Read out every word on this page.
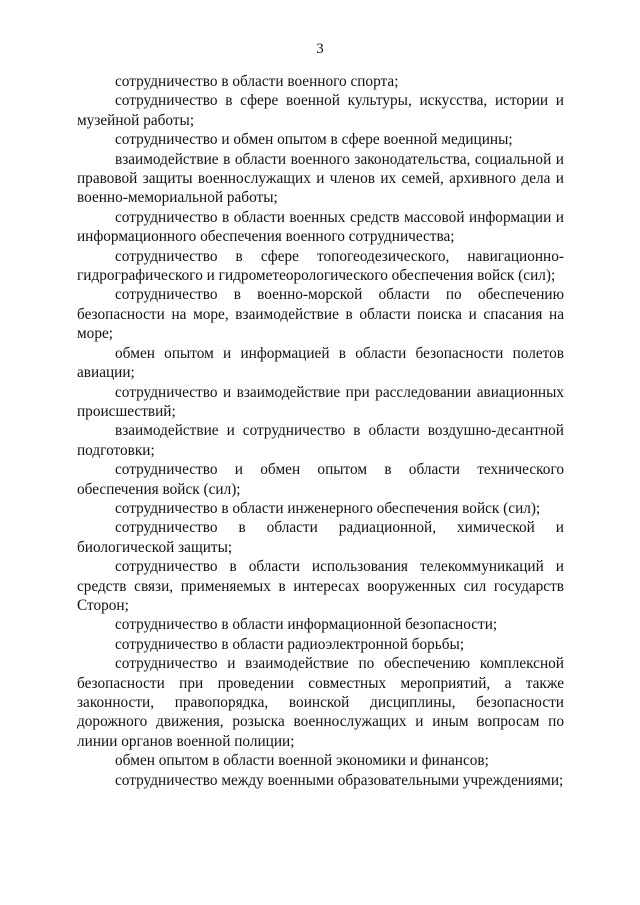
3

сотрудничество в области военного спорта;

сотрудничество в сфере военной культуры, искусства, истории и музейной работы;

сотрудничество и обмен опытом в сфере военной медицины;

взаимодействие в области военного законодательства, социальной и правовой защиты военнослужащих и членов их семей, архивного дела и военно-мемориальной работы;

сотрудничество в области военных средств массовой информации и информационного обеспечения военного сотрудничества;

сотрудничество в сфере топогеодезического, навигационно-гидрографического и гидрометеорологического обеспечения войск (сил);

сотрудничество в военно-морской области по обеспечению безопасности на море, взаимодействие в области поиска и спасания на море;

обмен опытом и информацией в области безопасности полетов авиации;

сотрудничество и взаимодействие при расследовании авиационных происшествий;

взаимодействие и сотрудничество в области воздушно-десантной подготовки;

сотрудничество и обмен опытом в области технического обеспечения войск (сил);

сотрудничество в области инженерного обеспечения войск (сил);

сотрудничество в области радиационной, химической и биологической защиты;

сотрудничество в области использования телекоммуникаций и средств связи, применяемых в интересах вооруженных сил государств Сторон;

сотрудничество в области информационной безопасности;

сотрудничество в области радиоэлектронной борьбы;

сотрудничество и взаимодействие по обеспечению комплексной безопасности при проведении совместных мероприятий, а также законности, правопорядка, воинской дисциплины, безопасности дорожного движения, розыска военнослужащих и иным вопросам по линии органов военной полиции;

обмен опытом в области военной экономики и финансов;

сотрудничество между военными образовательными учреждениями;
